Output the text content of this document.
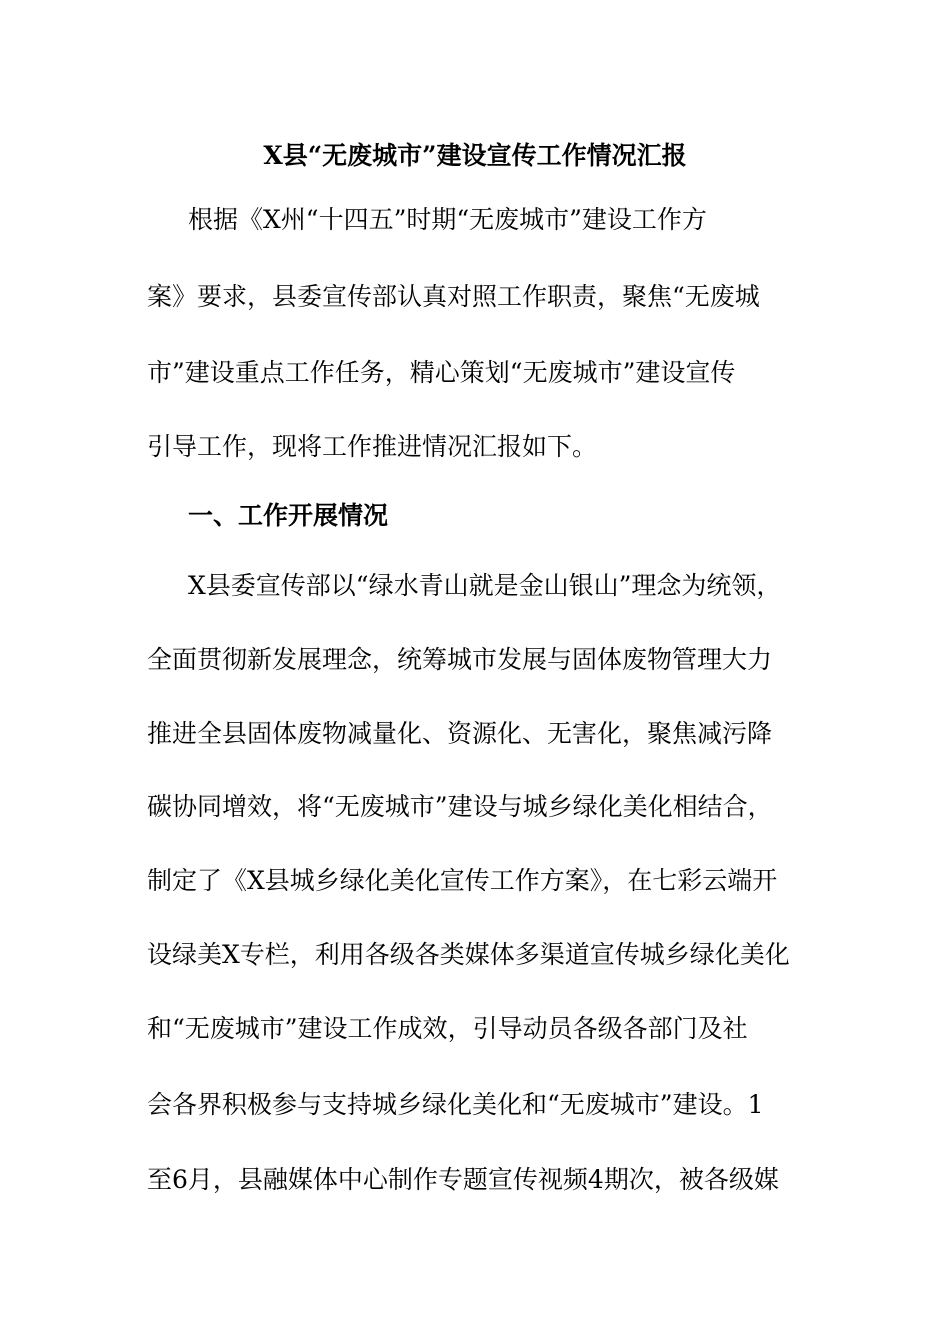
X县“无废城市”建设宣传工作情况汇报

根据《X州“十四五”时期“无废城市”建设工作方

案》要求，县委宣传部认真对照工作职责，聚焦“无废城

市”建设重点工作任务，精心策划“无废城市”建设宣传

引导工作，现将工作推进情况汇报如下。

一、工作开展情况

X县委宣传部以“绿水青山就是金山银山”理念为统领，

全面贯彻新发展理念，统筹城市发展与固体废物管理大力

推进全县固体废物减量化、资源化、无害化，聚焦减污降

碳协同增效，将“无废城市”建设与城乡绿化美化相结合，

制定了《X县城乡绿化美化宣传工作方案》，在七彩云端开

设绿美X专栏，利用各级各类媒体多渠道宣传城乡绿化美化

和“无废城市”建设工作成效，引导动员各级各部门及社

会各界积极参与支持城乡绿化美化和“无废城市”建设。1

至6月，县融媒体中心制作专题宣传视频4期次，被各级媒
